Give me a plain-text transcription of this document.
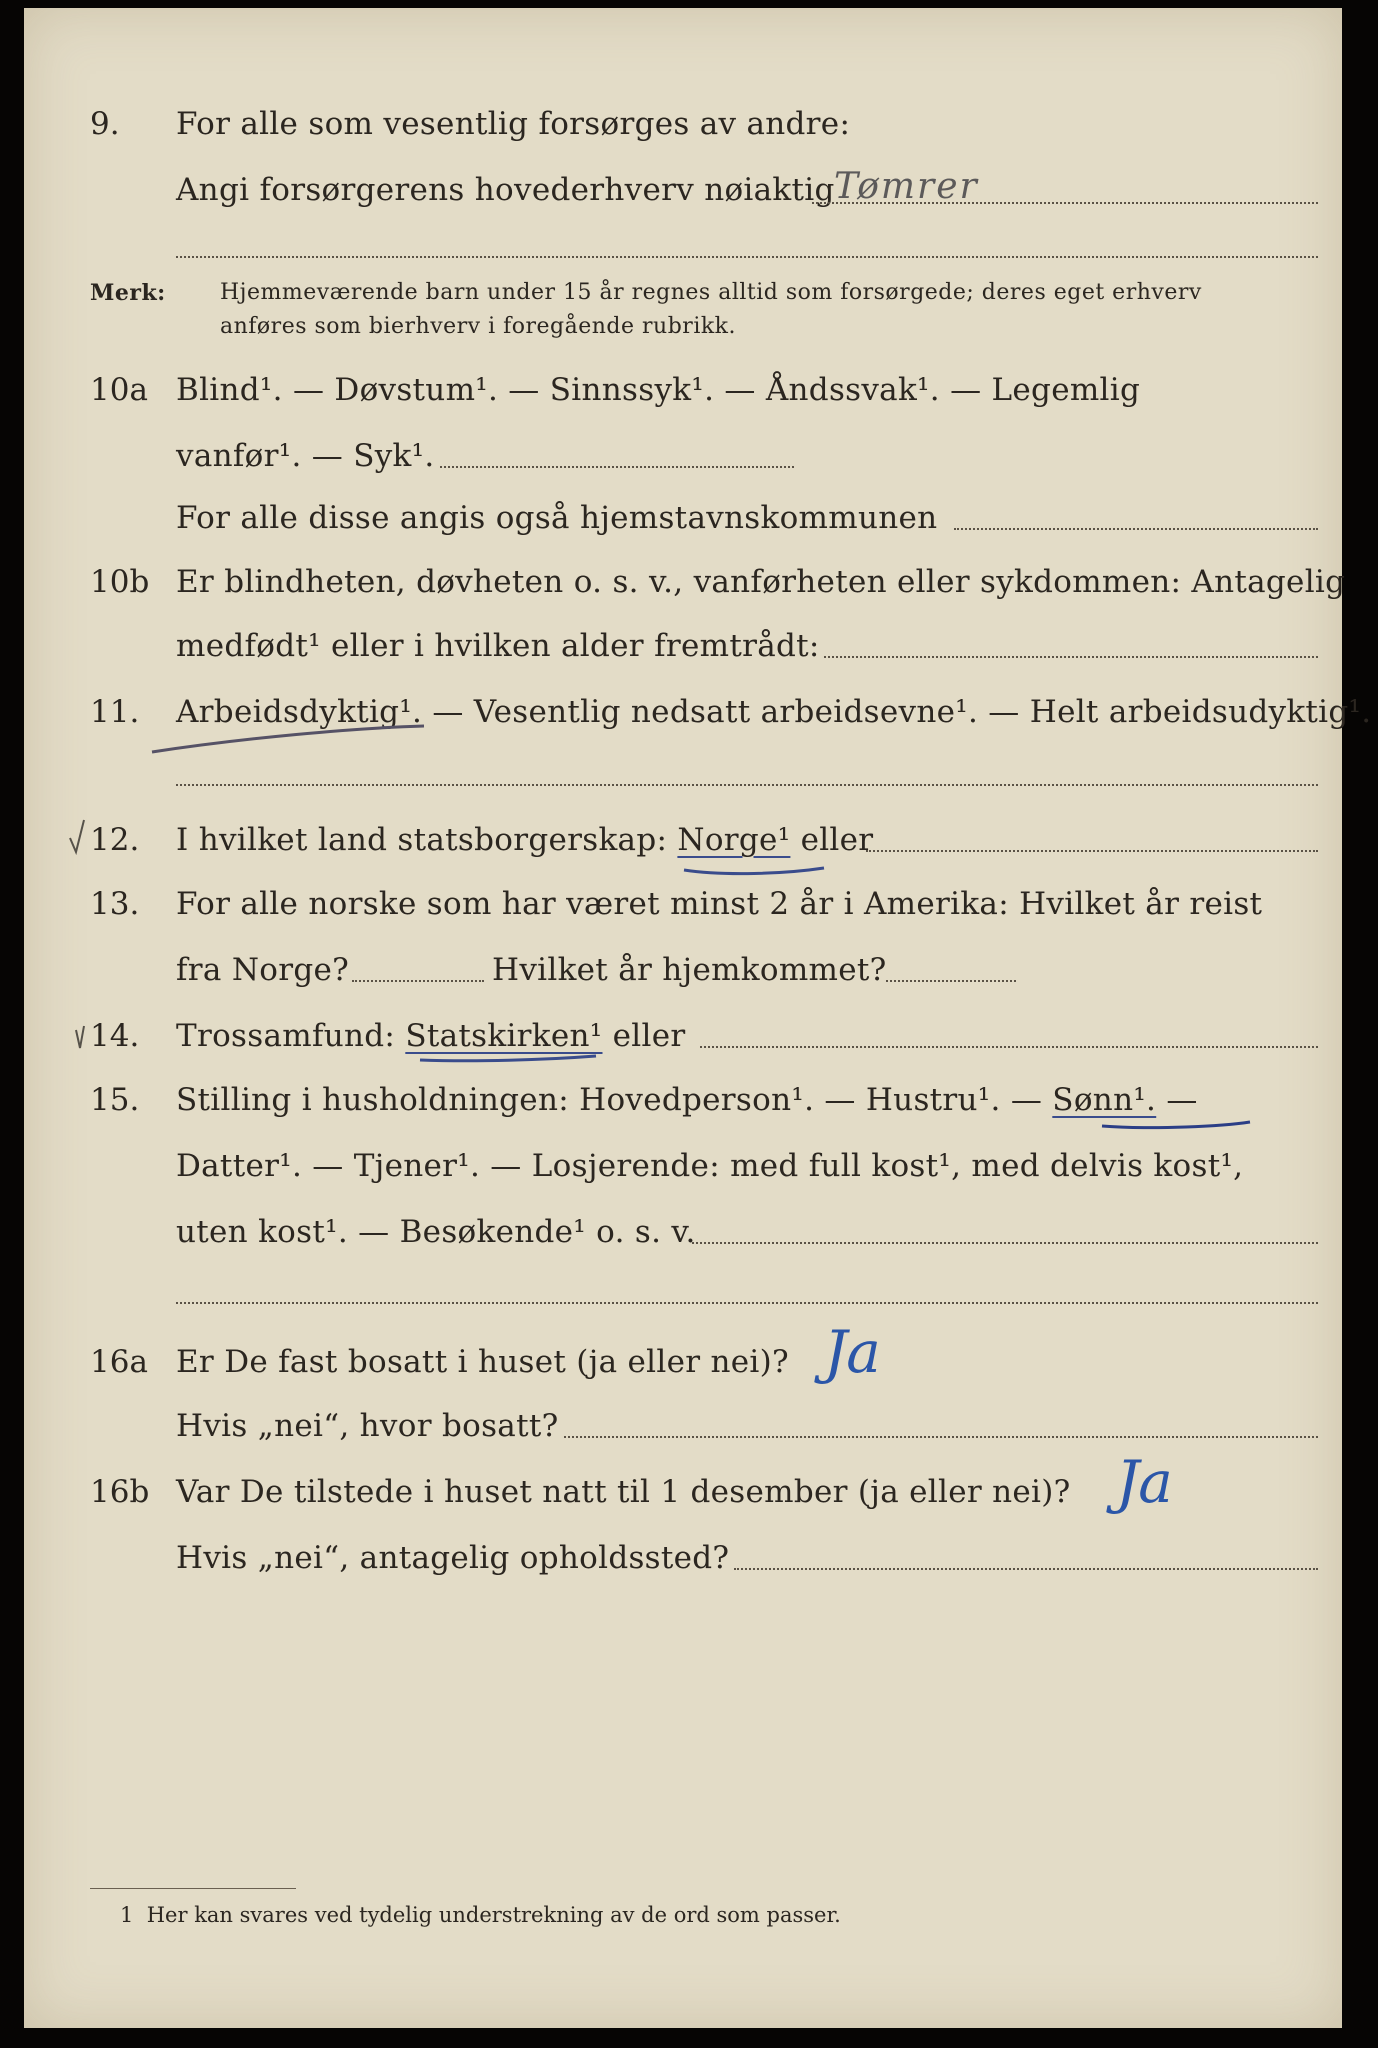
9. For alle som vesentlig forsørges av andre:
Angi forsørgerens hovederhverv nøiaktig Tømrer
Merk: Hjemmeværende barn under 15 år regnes alltid som forsørgede; deres eget erhverv
anføres som bierhverv i foregående rubrikk.
10a Blind¹. — Døvstum¹. — Sinnssyk¹. — Åndssvak¹. — Legemlig
vanfør¹. — Syk¹.
For alle disse angis også hjemstavnskommunen
10b Er blindheten, døvheten o. s. v., vanførheten eller sykdommen: Antagelig
medfødt¹ eller i hvilken alder fremtrådt:
11. Arbeidsdyktig¹. — Vesentlig nedsatt arbeidsevne¹. — Helt arbeidsudyktig¹.
12. I hvilket land statsborgerskap: Norge¹ eller
13. For alle norske som har været minst 2 år i Amerika: Hvilket år reist
fra Norge?	Hvilket år hjemkommet?
14. Trossamfund: Statskirken¹ eller
15. Stilling i husholdningen: Hovedperson¹. — Hustru¹. — Sønn¹. —
Datter¹. — Tjener¹. — Losjerende: med full kost¹, med delvis kost¹,
uten kost¹. — Besøkende¹ o. s. v.
16a Er De fast bosatt i huset (ja eller nei)? Ja
Hvis „nei“, hvor bosatt?
16b Var De tilstede i huset natt til 1 desember (ja eller nei)? Ja
Hvis „nei“, antagelig opholdssted?
1 Her kan svares ved tydelig understrekning av de ord som passer.
